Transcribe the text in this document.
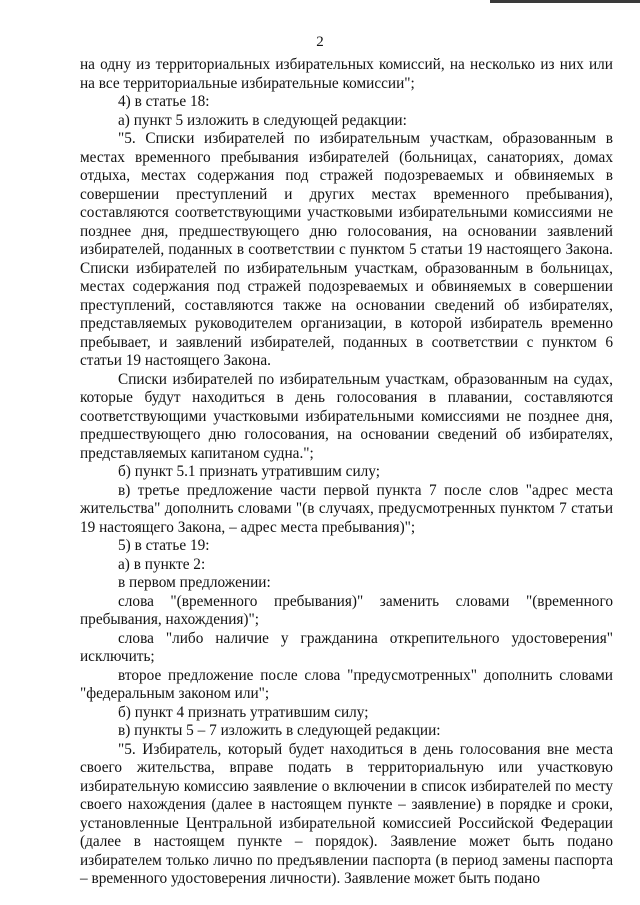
2

на одну из территориальных избирательных комиссий, на несколько из них или на все территориальные избирательные комиссии";

4) в статье 18:

а) пункт 5 изложить в следующей редакции:

"5. Списки избирателей по избирательным участкам, образованным в местах временного пребывания избирателей (больницах, санаториях, домах отдыха, местах содержания под стражей подозреваемых и обвиняемых в совершении преступлений и других местах временного пребывания), составляются соответствующими участковыми избирательными комиссиями не позднее дня, предшествующего дню голосования, на основании заявлений избирателей, поданных в соответствии с пунктом 5 статьи 19 настоящего Закона. Списки избирателей по избирательным участкам, образованным в больницах, местах содержания под стражей подозреваемых и обвиняемых в совершении преступлений, составляются также на основании сведений об избирателях, представляемых руководителем организации, в которой избиратель временно пребывает, и заявлений избирателей, поданных в соответствии с пунктом 6 статьи 19 настоящего Закона.

Списки избирателей по избирательным участкам, образованным на судах, которые будут находиться в день голосования в плавании, составляются соответствующими участковыми избирательными комиссиями не позднее дня, предшествующего дню голосования, на основании сведений об избирателях, представляемых капитаном судна.";

б) пункт 5.1 признать утратившим силу;

в) третье предложение части первой пункта 7 после слов "адрес места жительства" дополнить словами "(в случаях, предусмотренных пунктом 7 статьи 19 настоящего Закона, – адрес места пребывания)";

5) в статье 19:

а) в пункте 2:

в первом предложении:

слова "(временного пребывания)" заменить словами "(временного пребывания, нахождения)";

слова "либо наличие у гражданина открепительного удостоверения" исключить;

второе предложение после слова "предусмотренных" дополнить словами "федеральным законом или";

б) пункт 4 признать утратившим силу;

в) пункты 5 – 7 изложить в следующей редакции:

"5. Избиратель, который будет находиться в день голосования вне места своего жительства, вправе подать в территориальную или участковую избирательную комиссию заявление о включении в список избирателей по месту своего нахождения (далее в настоящем пункте – заявление) в порядке и сроки, установленные Центральной избирательной комиссией Российской Федерации (далее в настоящем пункте – порядок). Заявление может быть подано избирателем только лично по предъявлении паспорта (в период замены паспорта – временного удостоверения личности). Заявление может быть подано
